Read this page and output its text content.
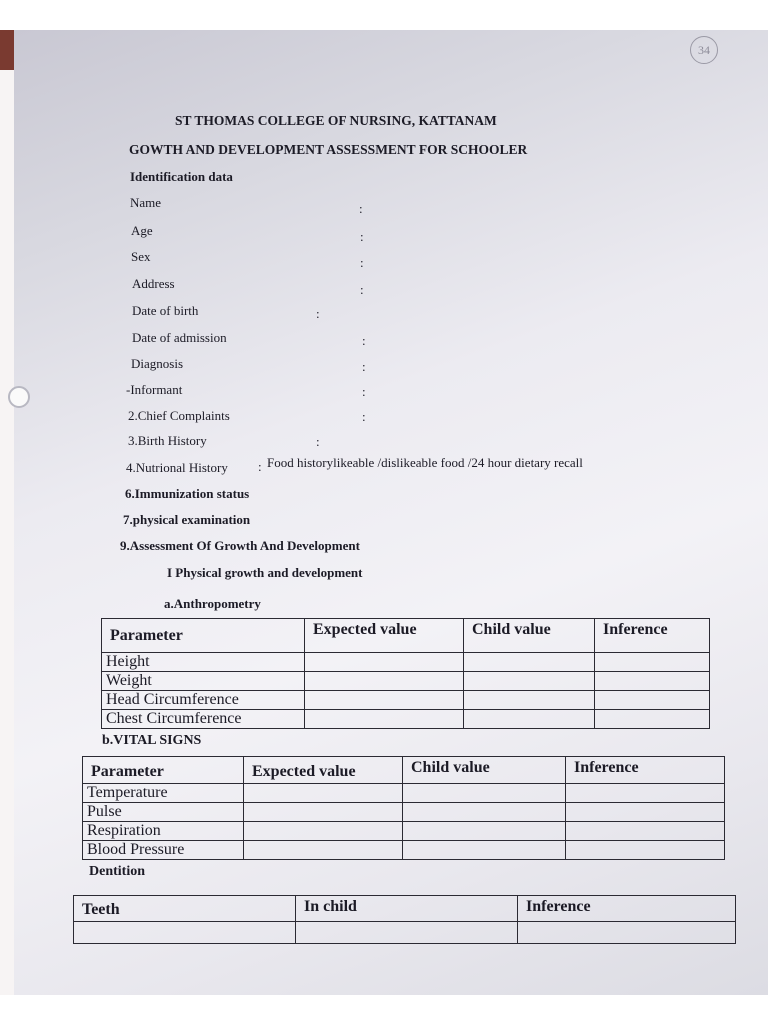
34
ST THOMAS COLLEGE OF NURSING, KATTANAM
GOWTH AND DEVELOPMENT ASSESSMENT FOR SCHOOLER
Identification data
Name	:
Age	:
Sex	:
Address	:
Date of birth	:
Date of admission	:
Diagnosis	:
-Informant	:
2.Chief Complaints	:
3.Birth History	:
4.Nutrional History : Food historylikeable /dislikeable food /24 hour dietary recall
6.Immunization status
7.physical examination
9.Assessment Of Growth And Development
I Physical growth and development
a.Anthropometry
Parameter	Expected value	Child value	Inference
Height			
Weight			
Head Circumference			
Chest Circumference			
b.VITAL SIGNS
Parameter	Expected value	Child value	Inference
Temperature			
Pulse			
Respiration			
Blood Pressure			
Dentition
Teeth	In child	Inference
